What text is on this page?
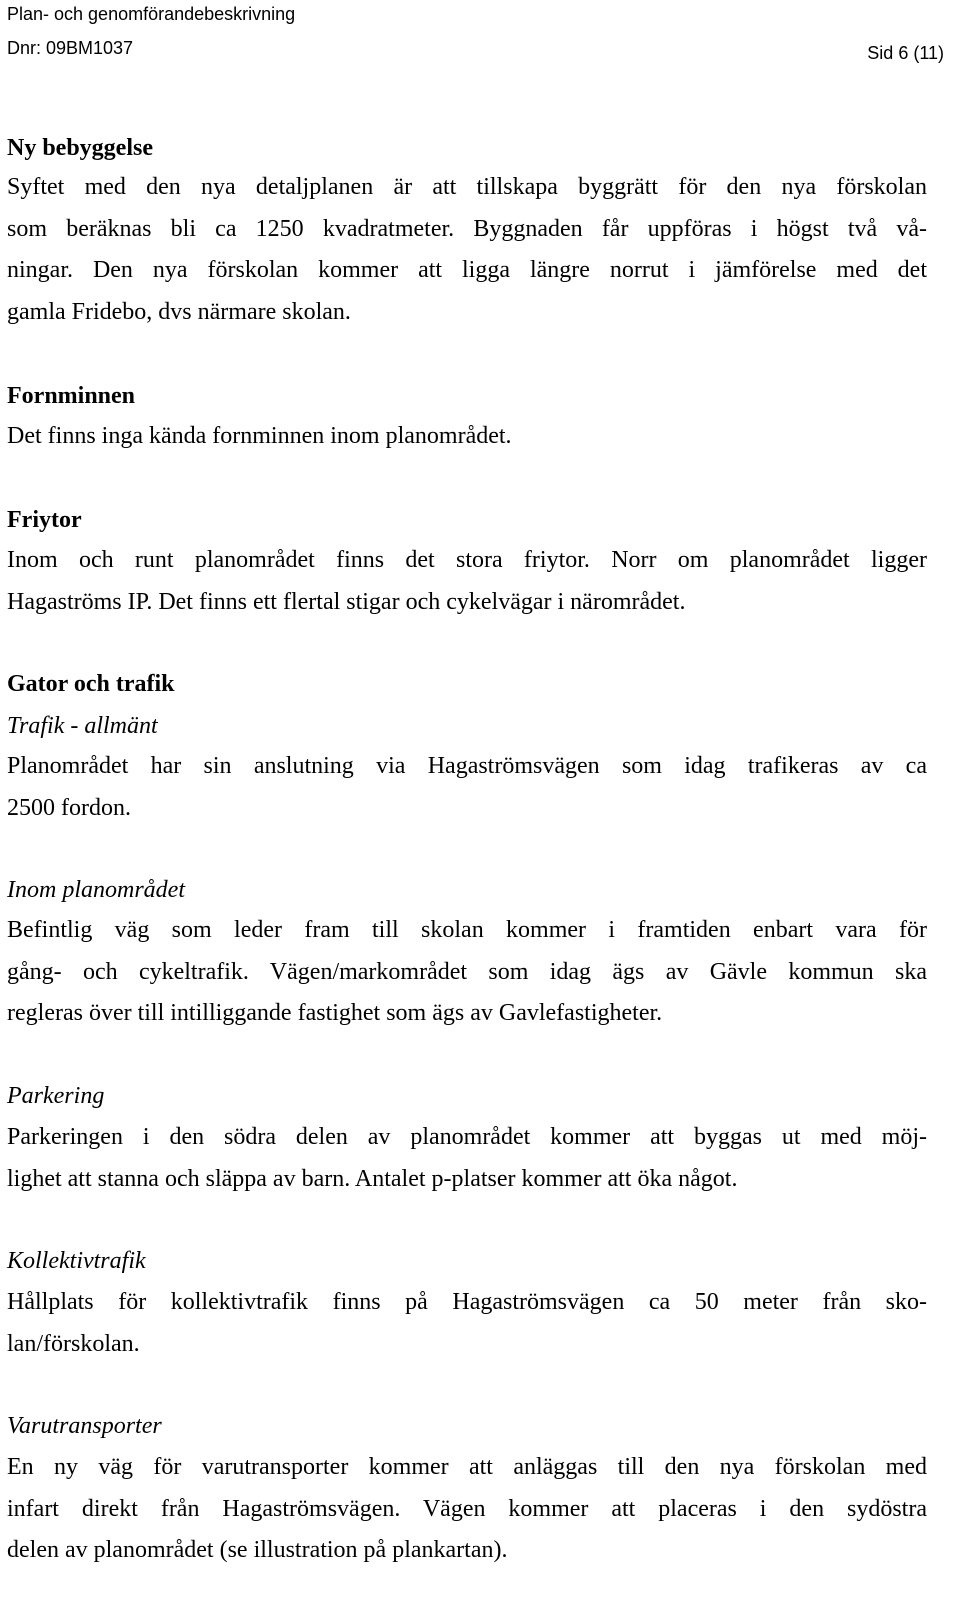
Plan- och genomförandebeskrivning
Dnr: 09BM1037	Sid 6 (11)
Ny bebyggelse
Syftet med den nya detaljplanen är att tillskapa byggrätt för den nya förskolan
som beräknas bli ca 1250 kvadratmeter. Byggnaden får uppföras i högst två vå-
ningar. Den nya förskolan kommer att ligga längre norrut i jämförelse med det
gamla Fridebo, dvs närmare skolan.
Fornminnen
Det finns inga kända fornminnen inom planområdet.
Friytor
Inom och runt planområdet finns det stora friytor. Norr om planområdet ligger
Hagaströms IP. Det finns ett flertal stigar och cykelvägar i närområdet.
Gator och trafik
Trafik - allmänt
Planområdet har sin anslutning via Hagaströmsvägen som idag trafikeras av ca
2500 fordon.
Inom planområdet
Befintlig väg som leder fram till skolan kommer i framtiden enbart vara för
gång- och cykeltrafik. Vägen/markområdet som idag ägs av Gävle kommun ska
regleras över till intilliggande fastighet som ägs av Gavlefastigheter.
Parkering
Parkeringen i den södra delen av planområdet kommer att byggas ut med möj-
lighet att stanna och släppa av barn. Antalet p-platser kommer att öka något.
Kollektivtrafik
Hållplats för kollektivtrafik finns på Hagaströmsvägen ca 50 meter från sko-
lan/förskolan.
Varutransporter
En ny väg för varutransporter kommer att anläggas till den nya förskolan med
infart direkt från Hagaströmsvägen. Vägen kommer att placeras i den sydöstra
delen av planområdet (se illustration på plankartan).
